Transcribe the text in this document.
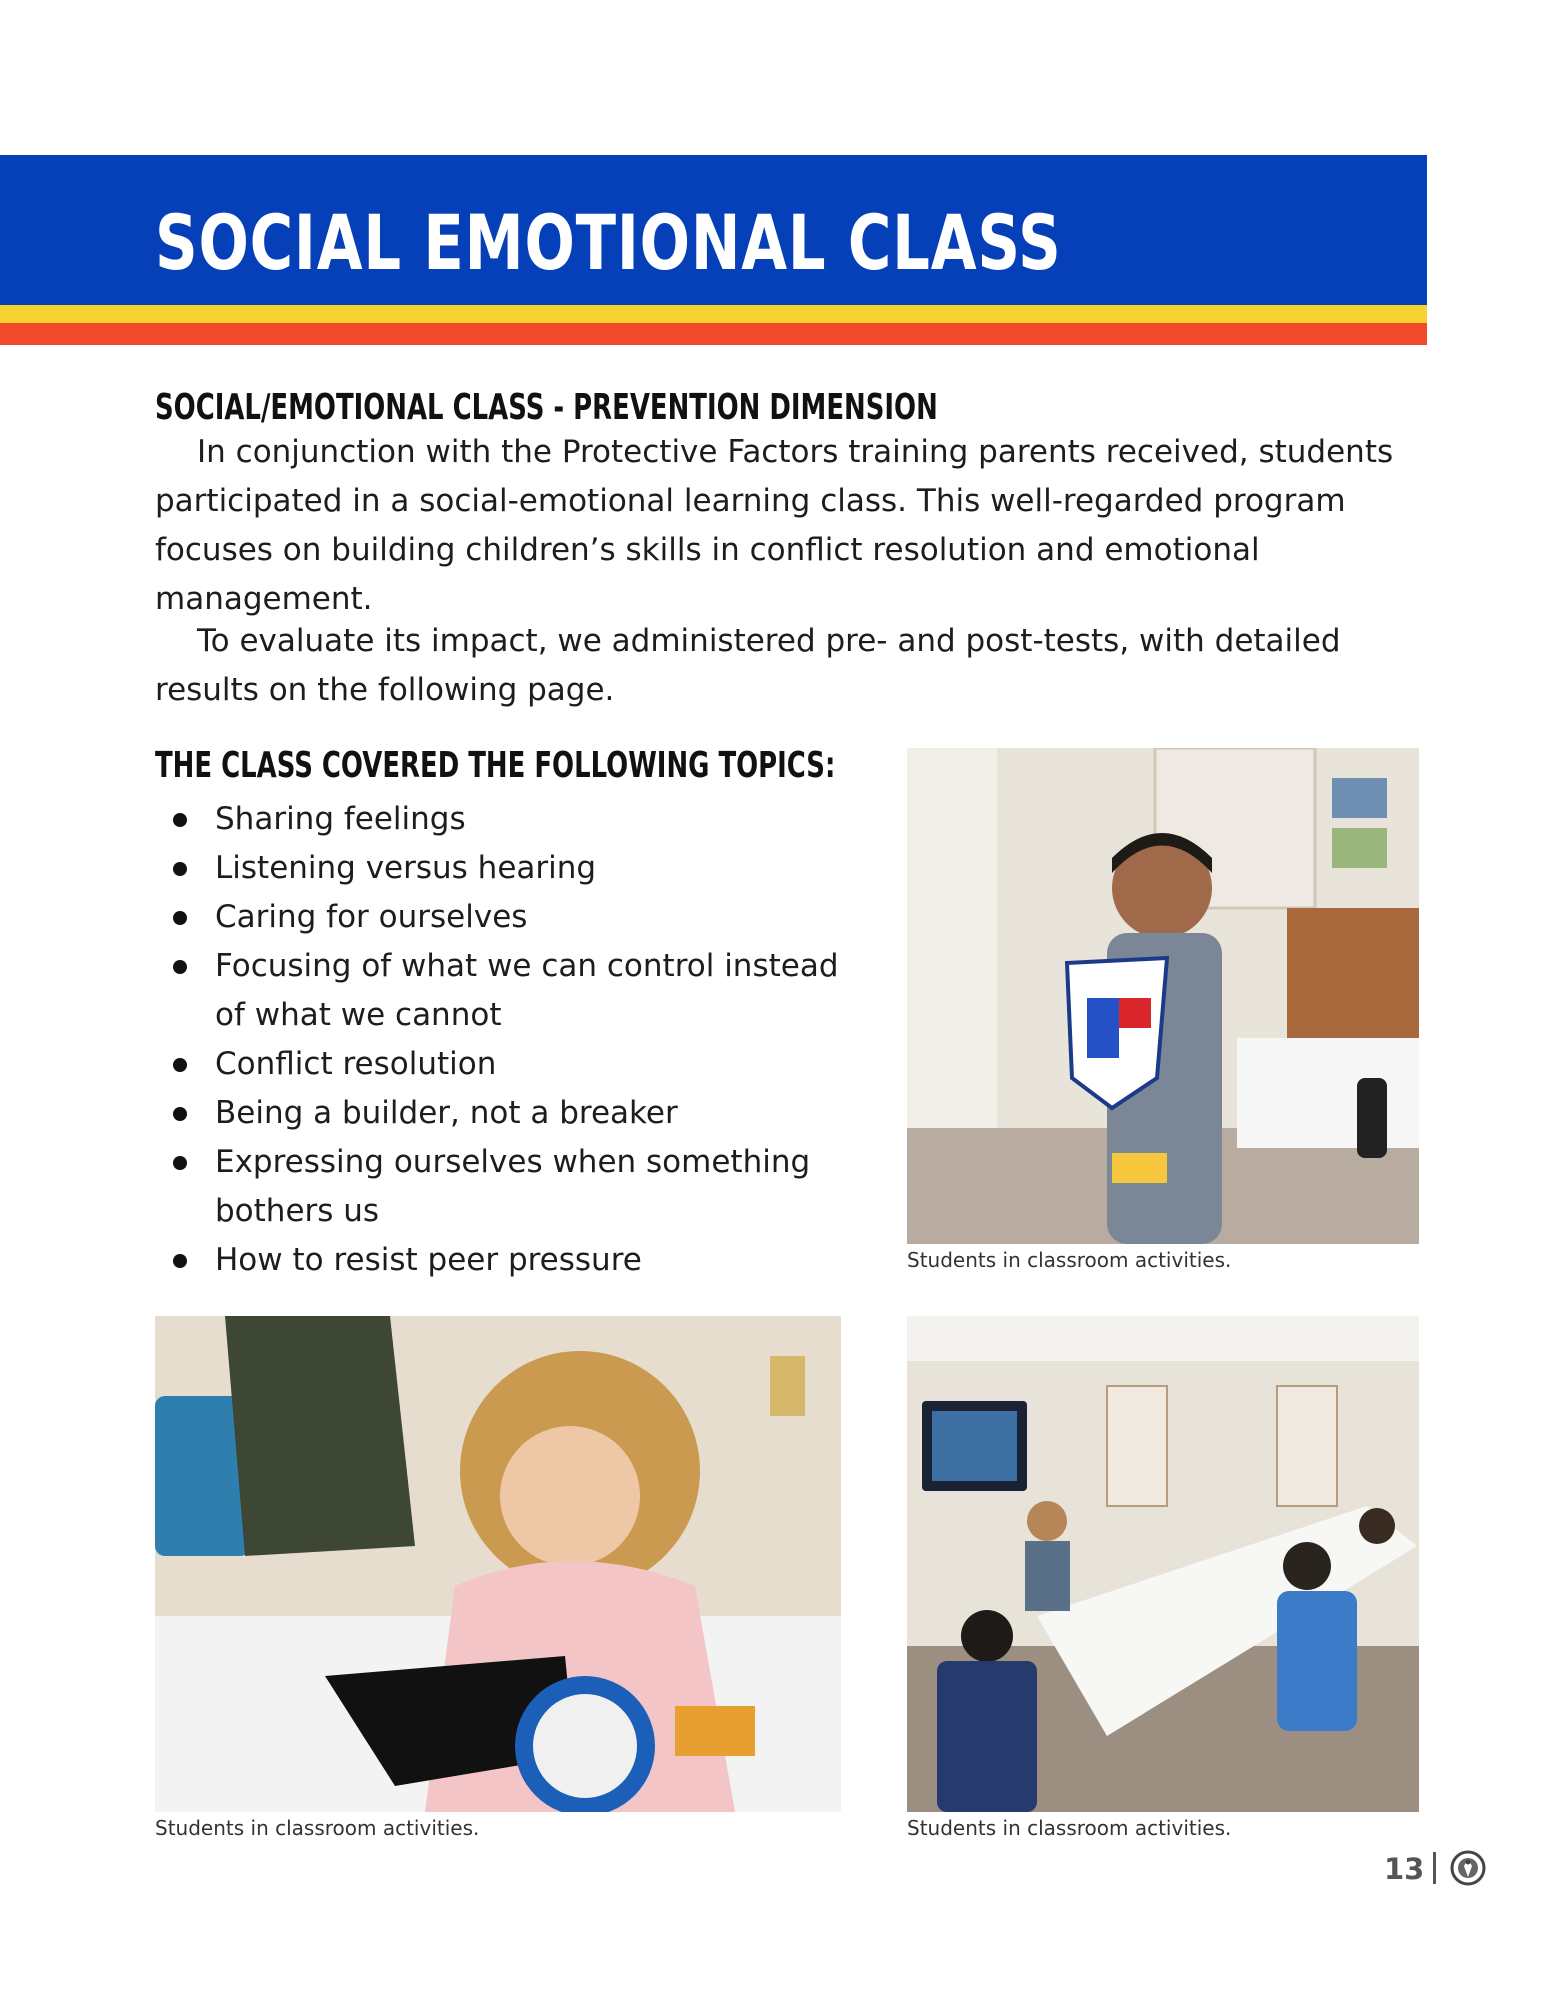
SOCIAL EMOTIONAL CLASS
SOCIAL/EMOTIONAL CLASS - PREVENTION DIMENSION

In conjunction with the Protective Factors training parents received, students participated in a social-emotional learning class. This well-regarded program focuses on building children’s skills in conflict resolution and emotional management.

To evaluate its impact, we administered pre- and post-tests, with detailed results on the following page.

THE CLASS COVERED THE FOLLOWING TOPICS:
Sharing feelings
Listening versus hearing
Caring for ourselves
Focusing of what we can control instead of what we cannot
Conflict resolution
Being a builder, not a breaker
Expressing ourselves when something bothers us
How to resist peer pressure	Students in classroom activities.

Students in classroom activities.	Students in classroom activities.

13
